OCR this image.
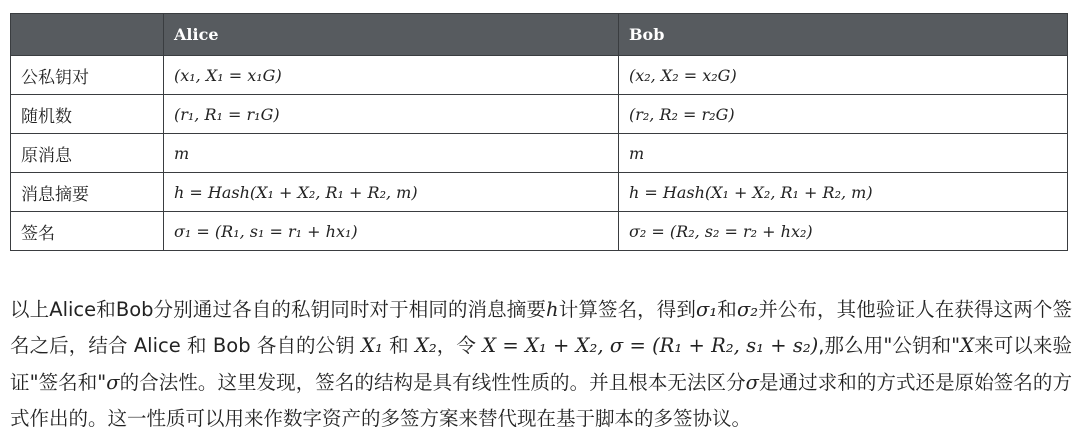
	Alice	Bob
公私钥对	(x₁, X₁ = x₁G)	(x₂, X₂ = x₂G)
随机数	(r₁, R₁ = r₁G)	(r₂, R₂ = r₂G)
原消息	m	m
消息摘要	h = Hash(X₁ + X₂, R₁ + R₂, m)	h = Hash(X₁ + X₂, R₁ + R₂, m)
签名	σ₁ = (R₁, s₁ = r₁ + hx₁)	σ₂ = (R₂, s₂ = r₂ + hx₂)

以上Alice和Bob分别通过各自的私钥同时对于相同的消息摘要h计算签名，得到σ₁和σ₂并公布，其他验证人在获得这两个签名之后，结合 Alice 和 Bob 各自的公钥 X₁ 和 X₂，令 X = X₁ + X₂, σ = (R₁ + R₂, s₁ + s₂),那么用"公钥和"X来可以来验证"签名和"σ的合法性。这里发现，签名的结构是具有线性性质的。并且根本无法区分σ是通过求和的方式还是原始签名的方式作出的。这一性质可以用来作数字资产的多签方案来替代现在基于脚本的多签协议。
